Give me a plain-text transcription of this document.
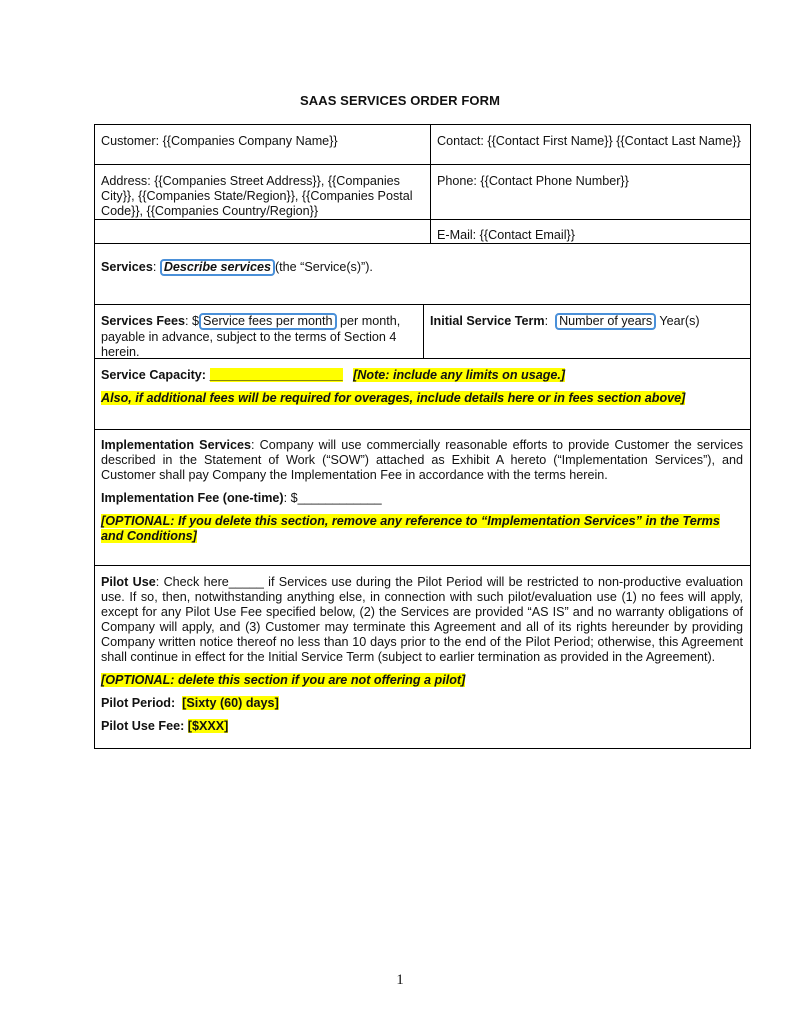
SAAS SERVICES ORDER FORM
Customer: {{Companies Company Name}}	Contact: {{Contact First Name}} {{Contact Last Name}}
Address: {{Companies Street Address}}, {{Companies City}}, {{Companies State/Region}}, {{Companies Postal Code}}, {{Companies Country/Region}}
Phone: {{Contact Phone Number}}
E-Mail: {{Contact Email}}
Services: Describe services (the “Service(s)”).
Services Fees: $ Service fees per month per month, payable in advance, subject to the terms of Section 4 herein.
Initial Service Term: Number of years Year(s)
Service Capacity: ___________________ [Note: include any limits on usage.]
Also, if additional fees will be required for overages, include details here or in fees section above]
Implementation Services: Company will use commercially reasonable efforts to provide Customer the services described in the Statement of Work (“SOW”) attached as Exhibit A hereto (“Implementation Services”), and Customer shall pay Company the Implementation Fee in accordance with the terms herein.
Implementation Fee (one-time): $____________
[OPTIONAL: If you delete this section, remove any reference to “Implementation Services” in the Terms and Conditions]
Pilot Use: Check here_____ if Services use during the Pilot Period will be restricted to non-productive evaluation use. If so, then, notwithstanding anything else, in connection with such pilot/evaluation use (1) no fees will apply, except for any Pilot Use Fee specified below, (2) the Services are provided “AS IS” and no warranty obligations of Company will apply, and (3) Customer may terminate this Agreement and all of its rights hereunder by providing Company written notice thereof no less than 10 days prior to the end of the Pilot Period; otherwise, this Agreement shall continue in effect for the Initial Service Term (subject to earlier termination as provided in the Agreement).
[OPTIONAL: delete this section if you are not offering a pilot]
Pilot Period: [Sixty (60) days]
Pilot Use Fee: [$XXX]
1
